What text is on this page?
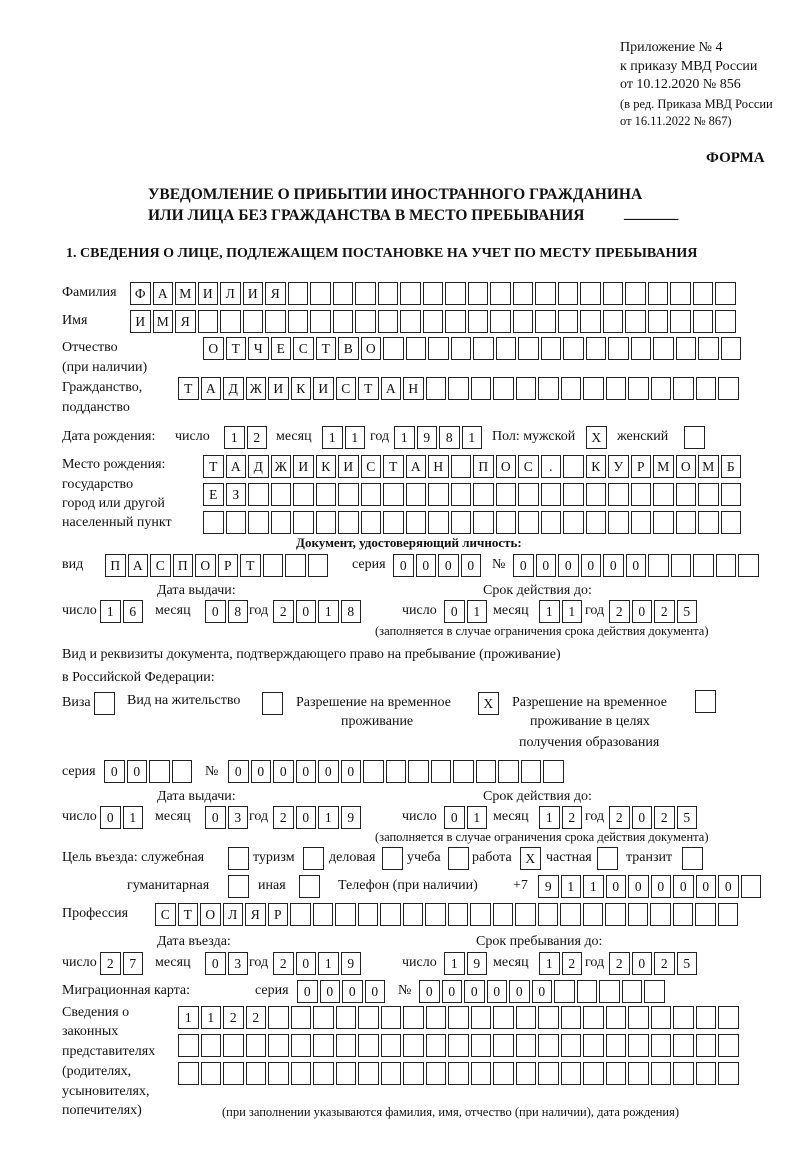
Приложение № 4
к приказу МВД России
от 10.12.2020 № 856
(в ред. Приказа МВД России
от 16.11.2022 № 867)
ФОРМА
УВЕДОМЛЕНИЕ О ПРИБЫТИИ ИНОСТРАННОГО ГРАЖДАНИНА
ИЛИ ЛИЦА БЕЗ ГРАЖДАНСТВА В МЕСТО ПРЕБЫВАНИЯ	_______
1. СВЕДЕНИЯ О ЛИЦЕ, ПОДЛЕЖАЩЕМ ПОСТАНОВКЕ НА УЧЕТ ПО МЕСТУ ПРЕБЫВАНИЯ
Фамилия	Ф А М И Л И Я
Имя	И М Я
Отчество
(при наличии)
О	Т	Ч	Е	С	Т	В О
Гражданство,
подданство
Т	А Д Ж И К И С	Т	А Н
Дата рождения: число	1	2	месяц	1	1 год 1	9	8	1	Пол: мужской	X	женский
Место рождения:
государство
город или другой
населенный пункт
Т	А Д Ж И К И С	Т	А Н	П О С	.	К У	Р М О М Б
Е	З
Документ, удостоверяющий личность:
вид	П А С П О	Р	Т	серия	0	0	0	0	№	0	0	0	0	0	0
Дата выдачи:	Срок действия до:
число 1	6	месяц	0	8 год 2	0	1	8	число	0	1 месяц	1	1 год 2	0	2	5
(заполняется в случае ограничения срока действия документа)
Вид и реквизиты документа, подтверждающего право на пребывание (проживание)
в Российской Федерации:
Виза	Вид на жительство	Разрешение на временное
проживание
X	Разрешение на временное
проживание в целях
получения образования
серия	0	0	№	0	0	0	0	0	0
Дата выдачи:	Срок действия до:
число 0	1	месяц	0	3 год 2	0	1	9	число	0	1 месяц	1	2 год 2	0	2	5
(заполняется в случае ограничения срока действия документа)
Цель въезда: служебная	туризм деловая учеба работа	X частная транзит
гуманитарная	иная	Телефон (при наличии)	+7	9	1	1	0	0	0	0	0	0
Профессия	С	Т	О Л Я	Р
Дата въезда:	Срок пребывания до:
число 2	7	месяц	0	3 год 2	0	1	9	число	1	9 месяц	1	2 год 2	0	2	5
Миграционная карта:	серия	0	0	0	0	№	0	0	0	0	0	0
Сведения о
законных
представителях
(родителях,
усыновителях,
попечителях)
1	1	2	2
(при заполнении указываются фамилия, имя, отчество (при наличии), дата рождения)
